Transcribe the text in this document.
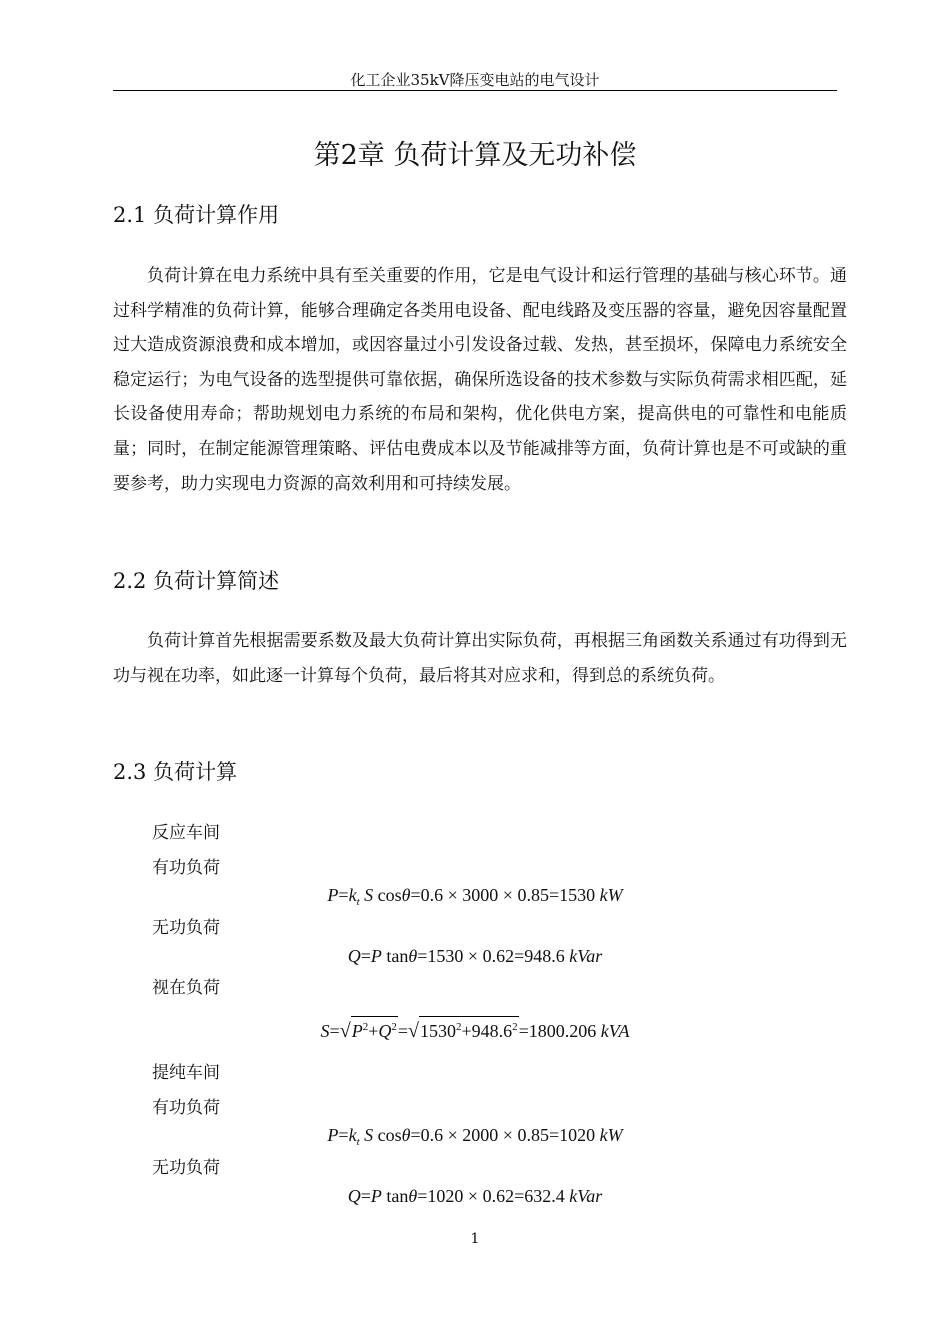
化工企业35kV降压变电站的电气设计
第2章 负荷计算及无功补偿
2.1 负荷计算作用

负荷计算在电力系统中具有至关重要的作用，它是电气设计和运行管理的基础与核心环节。通过科学精准的负荷计算，能够合理确定各类用电设备、配电线路及变压器的容量，避免因容量配置过大造成资源浪费和成本增加，或因容量过小引发设备过载、发热，甚至损坏，保障电力系统安全稳定运行；为电气设备的选型提供可靠依据，确保所选设备的技术参数与实际负荷需求相匹配，延长设备使用寿命；帮助规划电力系统的布局和架构，优化供电方案，提高供电的可靠性和电能质量；同时，在制定能源管理策略、评估电费成本以及节能减排等方面，负荷计算也是不可或缺的重要参考，助力实现电力资源的高效利用和可持续发展。

2.2 负荷计算简述

负荷计算首先根据需要系数及最大负荷计算出实际负荷，再根据三角函数关系通过有功得到无功与视在功率，如此逐一计算每个负荷，最后将其对应求和，得到总的系统负荷。

2.3 负荷计算
反应车间
有功负荷
$P=k_t$ S cosθ=0.6 × 3000 × 0.85=1530 kW
无功负荷
Q=P tanθ=1530 × 0.62=948.6 kVar
视在负荷
$S=√P^2+Q^2=√1530^2+948.6^2=1800.206$ kVA
提纯车间
有功负荷
$P=k_t$ S cosθ=0.6 × 2000 × 0.85=1020 kW
无功负荷
Q=P tanθ=1020 × 0.62=632.4 kVar
1
